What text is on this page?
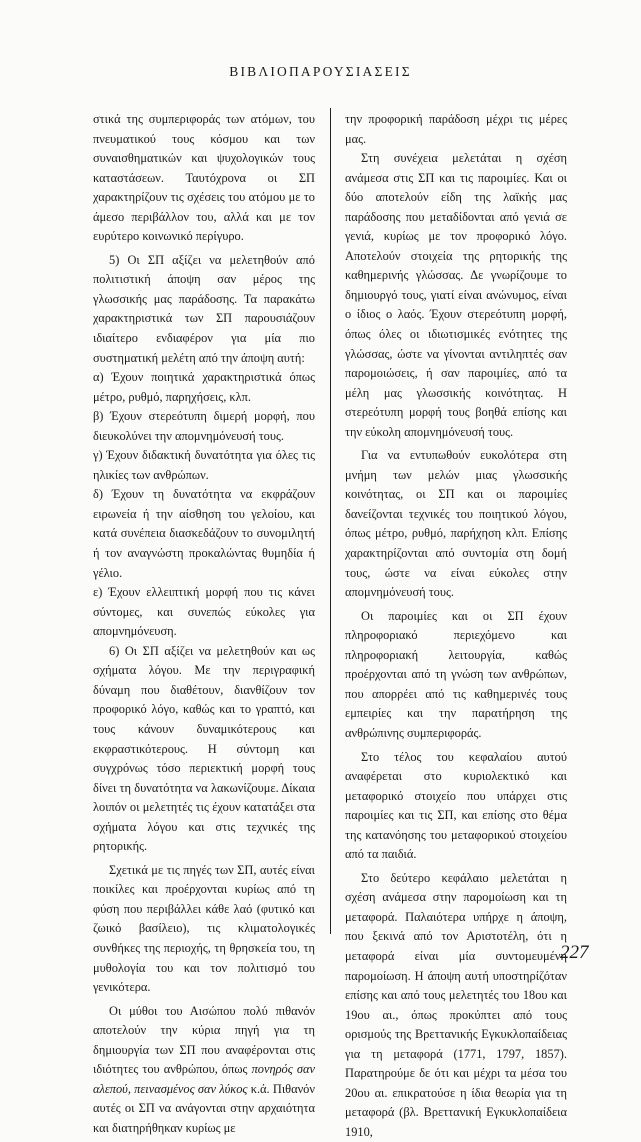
ΒΙΒΛΙΟΠΑΡΟΥΣΙΑΣΕΙΣ

στικά της συμπεριφοράς των ατόμων, του πνευματικού τους κόσμου και των συναισθηματικών και ψυχολογικών τους καταστάσεων. Ταυτόχρονα οι ΣΠ χαρακτηρίζουν τις σχέσεις του ατόμου με το άμεσο περιβάλλον του, αλλά και με τον ευρύτερο κοινωνικό περίγυρο.

5) Οι ΣΠ αξίζει να μελετηθούν από πολιτιστική άποψη σαν μέρος της γλωσσικής μας παράδοσης. Τα παρακάτω χαρακτηριστικά των ΣΠ παρουσιάζουν ιδιαίτερο ενδιαφέρον για μία πιο συστηματική μελέτη από την άποψη αυτή:

α) Έχουν ποιητικά χαρακτηριστικά όπως μέτρο, ρυθμό, παρηχήσεις, κλπ.

β) Έχουν στερεότυπη διμερή μορφή, που διευκολύνει την απομνημόνευσή τους.

γ) Έχουν διδακτική δυνατότητα για όλες τις ηλικίες των ανθρώπων.

δ) Έχουν τη δυνατότητα να εκφράζουν ειρωνεία ή την αίσθηση του γελοίου, και κατά συνέπεια διασκεδάζουν το συνομιλητή ή τον αναγνώστη προκαλώντας θυμηδία ή γέλιο.

ε) Έχουν ελλειπτική μορφή που τις κάνει σύντομες, και συνεπώς εύκολες για απομνημόνευση.

6) Οι ΣΠ αξίζει να μελετηθούν και ως σχήματα λόγου. Με την περιγραφική δύναμη που διαθέτουν, διανθίζουν τον προφορικό λόγο, καθώς και το γραπτό, και τους κάνουν δυναμικότερους και εκφραστικότερους. Η σύντομη και συγχρόνως τόσο περιεκτική μορφή τους δίνει τη δυνατότητα να λακωνίζουμε. Δίκαια λοιπόν οι μελετητές τις έχουν κατατάξει στα σχήματα λόγου και στις τεχνικές της ρητορικής.

Σχετικά με τις πηγές των ΣΠ, αυτές είναι ποικίλες και προέρχονται κυρίως από τη φύση που περιβάλλει κάθε λαό (φυτικό και ζωικό βασίλειο), τις κλιματολογικές συνθήκες της περιοχής, τη θρησκεία του, τη μυθολογία του και τον πολιτισμό του γενικότερα.

Οι μύθοι του Αισώπου πολύ πιθανόν αποτελούν την κύρια πηγή για τη δημιουργία των ΣΠ που αναφέρονται στις ιδιότητες του ανθρώπου, όπως πονηρός σαν αλεπού, πεινασμένος σαν λύκος κ.ά. Πιθανόν αυτές οι ΣΠ να ανάγονται στην αρχαιότητα και διατηρήθηκαν κυρίως με

την προφορική παράδοση μέχρι τις μέρες μας.

Στη συνέχεια μελετάται η σχέση ανάμεσα στις ΣΠ και τις παροιμίες. Και οι δύο αποτελούν είδη της λαϊκής μας παράδοσης που μεταδίδονται από γενιά σε γενιά, κυρίως με τον προφορικό λόγο. Αποτελούν στοιχεία της ρητορικής της καθημερινής γλώσσας. Δε γνωρίζουμε το δημιουργό τους, γιατί είναι ανώνυμος, είναι ο ίδιος ο λαός. Έχουν στερεότυπη μορφή, όπως όλες οι ιδιωτισμικές ενότητες της γλώσσας, ώστε να γίνονται αντιληπτές σαν παρομοιώσεις, ή σαν παροιμίες, από τα μέλη μας γλωσσικής κοινότητας. Η στερεότυπη μορφή τους βοηθά επίσης και την εύκολη απομνημόνευσή τους.

Για να εντυπωθούν ευκολότερα στη μνήμη των μελών μιας γλωσσικής κοινότητας, οι ΣΠ και οι παροιμίες δανείζονται τεχνικές του ποιητικού λόγου, όπως μέτρο, ρυθμό, παρήχηση κλπ. Επίσης χαρακτηρίζονται από συντομία στη δομή τους, ώστε να είναι εύκολες στην απομνημόνευσή τους.

Οι παροιμίες και οι ΣΠ έχουν πληροφοριακό περιεχόμενο και πληροφοριακή λειτουργία, καθώς προέρχονται από τη γνώση των ανθρώπων, που απορρέει από τις καθημερινές τους εμπειρίες και την παρατήρηση της ανθρώπινης συμπεριφοράς.

Στο τέλος του κεφαλαίου αυτού αναφέρεται στο κυριολεκτικό και μεταφορικό στοιχείο που υπάρχει στις παροιμίες και τις ΣΠ, και επίσης στο θέμα της κατανόησης του μεταφορικού στοιχείου από τα παιδιά.

Στο δεύτερο κεφάλαιο μελετάται η σχέση ανάμεσα στην παρομοίωση και τη μεταφορά. Παλαιότερα υπήρχε η άποψη, που ξεκινά από τον Αριστοτέλη, ότι η μεταφορά είναι μία συντομευμένη παρομοίωση. Η άποψη αυτή υποστηρίζόταν επίσης και από τους μελετητές του 18ου και 19ου αι., όπως προκύπτει από τους ορισμούς της Βρεττανικής Εγκυκλοπαίδειας για τη μεταφορά (1771, 1797, 1857). Παρατηρούμε δε ότι και μέχρι τα μέσα του 20ου αι. επικρατούσε η ίδια θεωρία για τη μεταφορά (βλ. Βρεττανική Εγκυκλοπαίδεια 1910,

227
